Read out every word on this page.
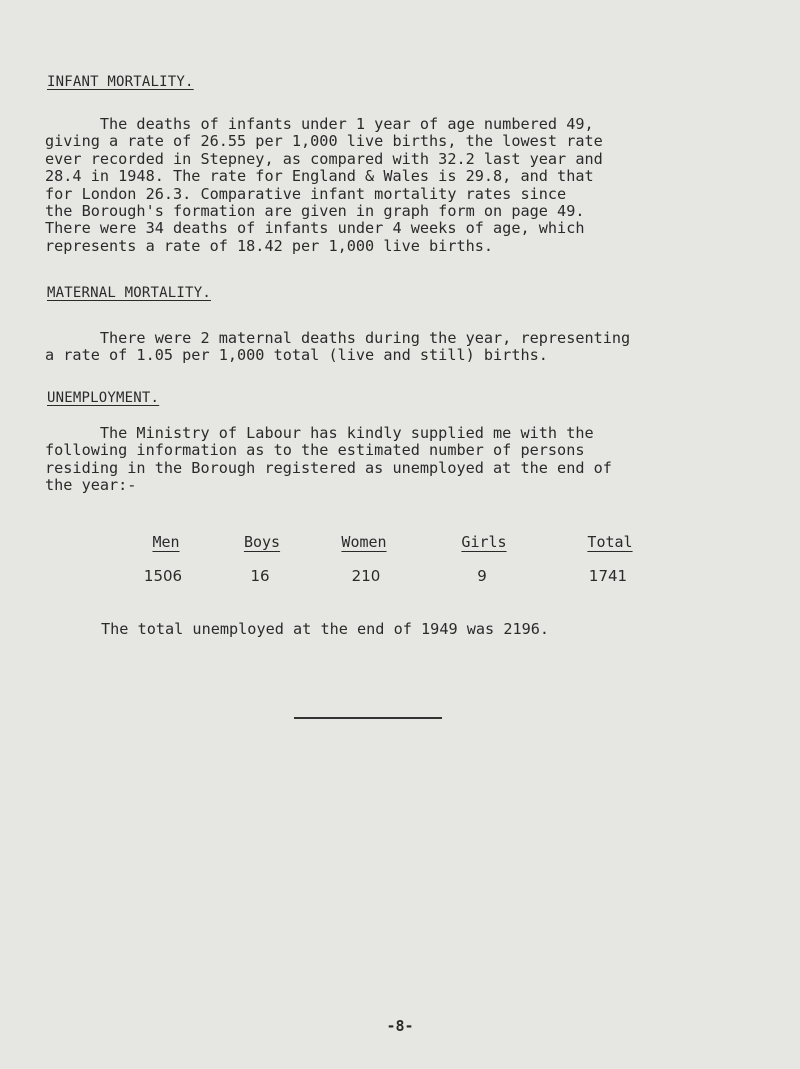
INFANT MORTALITY.
The deaths of infants under 1 year of age numbered 49,
giving a rate of 26.55 per 1,000 live births, the lowest rate
ever recorded in Stepney, as compared with 32.2 last year and
28.4 in 1948. The rate for England & Wales is 29.8, and that
for London 26.3. Comparative infant mortality rates since
the Borough's formation are given in graph form on page 49.
There were 34 deaths of infants under 4 weeks of age, which
represents a rate of 18.42 per 1,000 live births.
MATERNAL MORTALITY.
There were 2 maternal deaths during the year, representing
a rate of 1.05 per 1,000 total (live and still) births.
UNEMPLOYMENT.
The Ministry of Labour has kindly supplied me with the
following information as to the estimated number of persons
residing in the Borough registered as unemployed at the end of
the year:-
Men	Boys	Women	Girls	Total
1506	16	210	9	1741
The total unemployed at the end of 1949 was 2196.
-8-
